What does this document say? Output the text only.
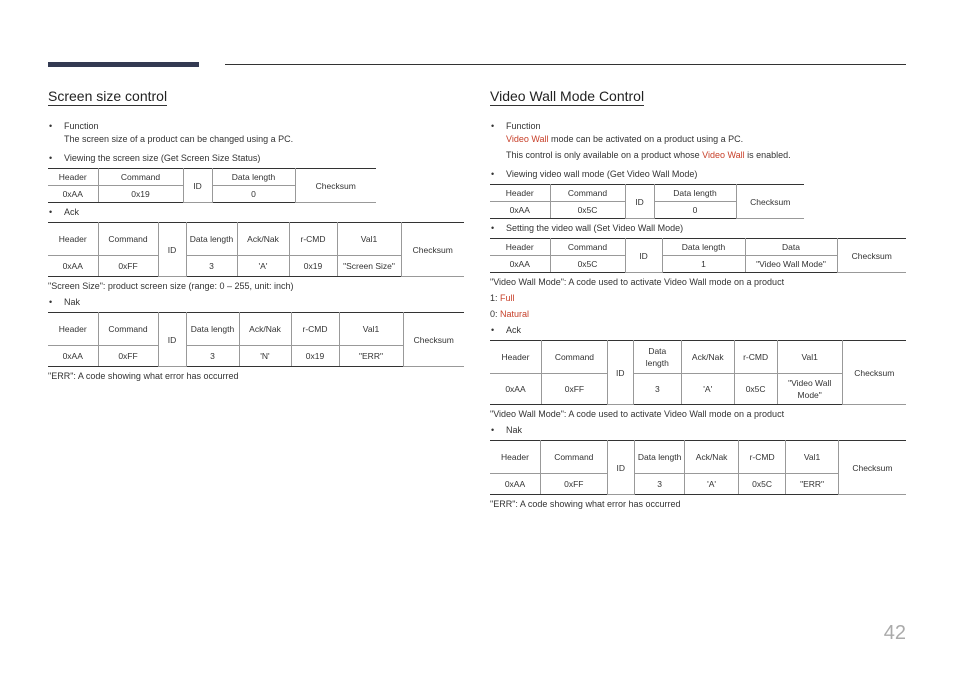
Screen size control
• Function

The screen size of a product can be changed using a PC.

• Viewing the screen size (Get Screen Size Status)
Header	Command	ID	Data length	Checksum
0xAA	0x19		0	
• Ack
Header	Command	ID	Data length	Ack/Nak	r-CMD	Val1	Checksum
0xAA	0xFF		3	'A'	0x19	"Screen Size"	

"Screen Size": product screen size (range: 0 – 255, unit: inch)

• Nak
Header	Command	ID	Data length	Ack/Nak	r-CMD	Val1	Checksum
0xAA	0xFF		3	'N'	0x19	"ERR"	

"ERR": A code showing what error has occurred

Video Wall Mode Control
• Function

Video Wall mode can be activated on a product using a PC.

This control is only available on a product whose Video Wall is enabled.

• Viewing video wall mode (Get Video Wall Mode)
Header	Command	ID	Data length	Checksum
0xAA	0x5C		0	
• Setting the video wall (Set Video Wall Mode)
Header	Command	ID	Data length	Data	Checksum
0xAA	0x5C		1	"Video Wall Mode"	

"Video Wall Mode": A code used to activate Video Wall mode on a product

1: Full

0: Natural

• Ack
Header	Command	ID	Data length	Ack/Nak	r-CMD	Val1	Checksum
0xAA	0xFF		3	'A'	0x5C	"Video Wall Mode"	

"Video Wall Mode": A code used to activate Video Wall mode on a product

• Nak
Header	Command	ID	Data length	Ack/Nak	r-CMD	Val1	Checksum
0xAA	0xFF		3	'A'	0x5C	"ERR"	

"ERR": A code showing what error has occurred

42
